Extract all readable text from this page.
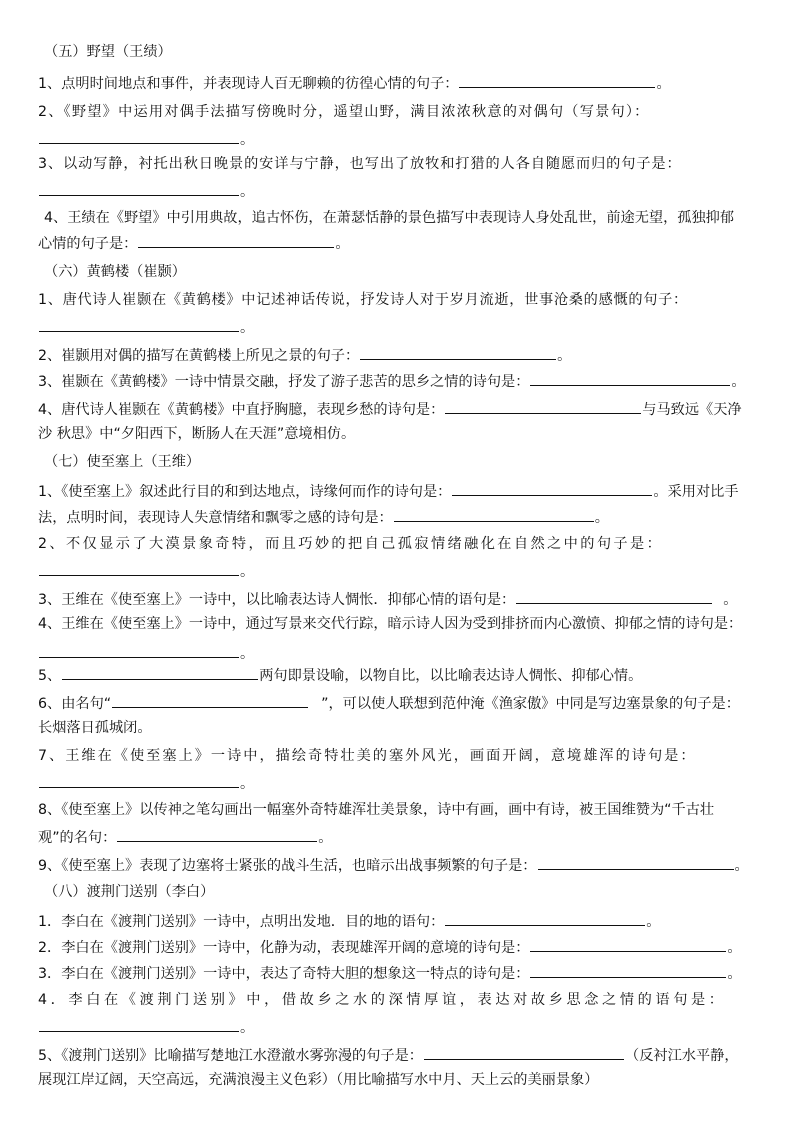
（五）野望（王绩）
1、点明时间地点和事件，并表现诗人百无聊赖的彷徨心情的句子：	。
2、《野望》中运用对偶手法描写傍晚时分，遥望山野，满目浓浓秋意的对偶句（写景句）：
。
3、以动写静，衬托出秋日晚景的安详与宁静，也写出了放牧和打猎的人各自随愿而归的句子是：
。
4、王绩在《野望》中引用典故，追古怀伤，在萧瑟恬静的景色描写中表现诗人身处乱世，前途无望，孤独抑郁
心情的句子是：	。
（六）黄鹤楼（崔颢）
1、唐代诗人崔颢在《黄鹤楼》中记述神话传说，抒发诗人对于岁月流逝，世事沧桑的感慨的句子：
。
2、崔颢用对偶的描写在黄鹤楼上所见之景的句子：	。
3、崔颢在《黄鹤楼》一诗中情景交融，抒发了游子悲苦的思乡之情的诗句是：	。
4、唐代诗人崔颢在《黄鹤楼》中直抒胸臆，表现乡愁的诗句是：	与马致远《天净
沙 秋思》中“夕阳西下，断肠人在天涯”意境相仿。
（七）使至塞上（王维）
1、《使至塞上》叙述此行目的和到达地点，诗缘何而作的诗句是：	。采用对比手
法，点明时间，表现诗人失意情绪和飘零之感的诗句是：	。
2、不仅显示了大漠景象奇特，而且巧妙的把自己孤寂情绪融化在自然之中的句子是：
。
3、王维在《使至塞上》一诗中，以比喻表达诗人惆怅．抑郁心情的语句是：	。
4、王维在《使至塞上》一诗中，通过写景来交代行踪，暗示诗人因为受到排挤而内心激愤、抑郁之情的诗句是：
。
5、	两句即景设喻，以物自比，以比喻表达诗人惆怅、抑郁心情。
6、由名句“	”，可以使人联想到范仲淹《渔家傲》中同是写边塞景象的句子是：
长烟落日孤城闭。
7、王维在《使至塞上》一诗中，描绘奇特壮美的塞外风光，画面开阔，意境雄浑的诗句是：
。
8、《使至塞上》以传神之笔勾画出一幅塞外奇特雄浑壮美景象，诗中有画，画中有诗，被王国维赞为“千古壮
观”的名句：	。
9、《使至塞上》表现了边塞将士紧张的战斗生活，也暗示出战事频繁的句子是：	。
（八）渡荆门送别（李白）
1．李白在《渡荆门送别》一诗中，点明出发地．目的地的语句：	。
2．李白在《渡荆门送别》一诗中，化静为动，表现雄浑开阔的意境的诗句是：	。
3．李白在《渡荆门送别》一诗中，表达了奇特大胆的想象这一特点的诗句是：	。
4．李白在《渡荆门送别》中，借故乡之水的深情厚谊，表达对故乡思念之情的语句是：
。
5、《渡荆门送别》比喻描写楚地江水澄澈水雾弥漫的句子是：	（反衬江水平静，
展现江岸辽阔，天空高远，充满浪漫主义色彩）（用比喻描写水中月、天上云的美丽景象）
